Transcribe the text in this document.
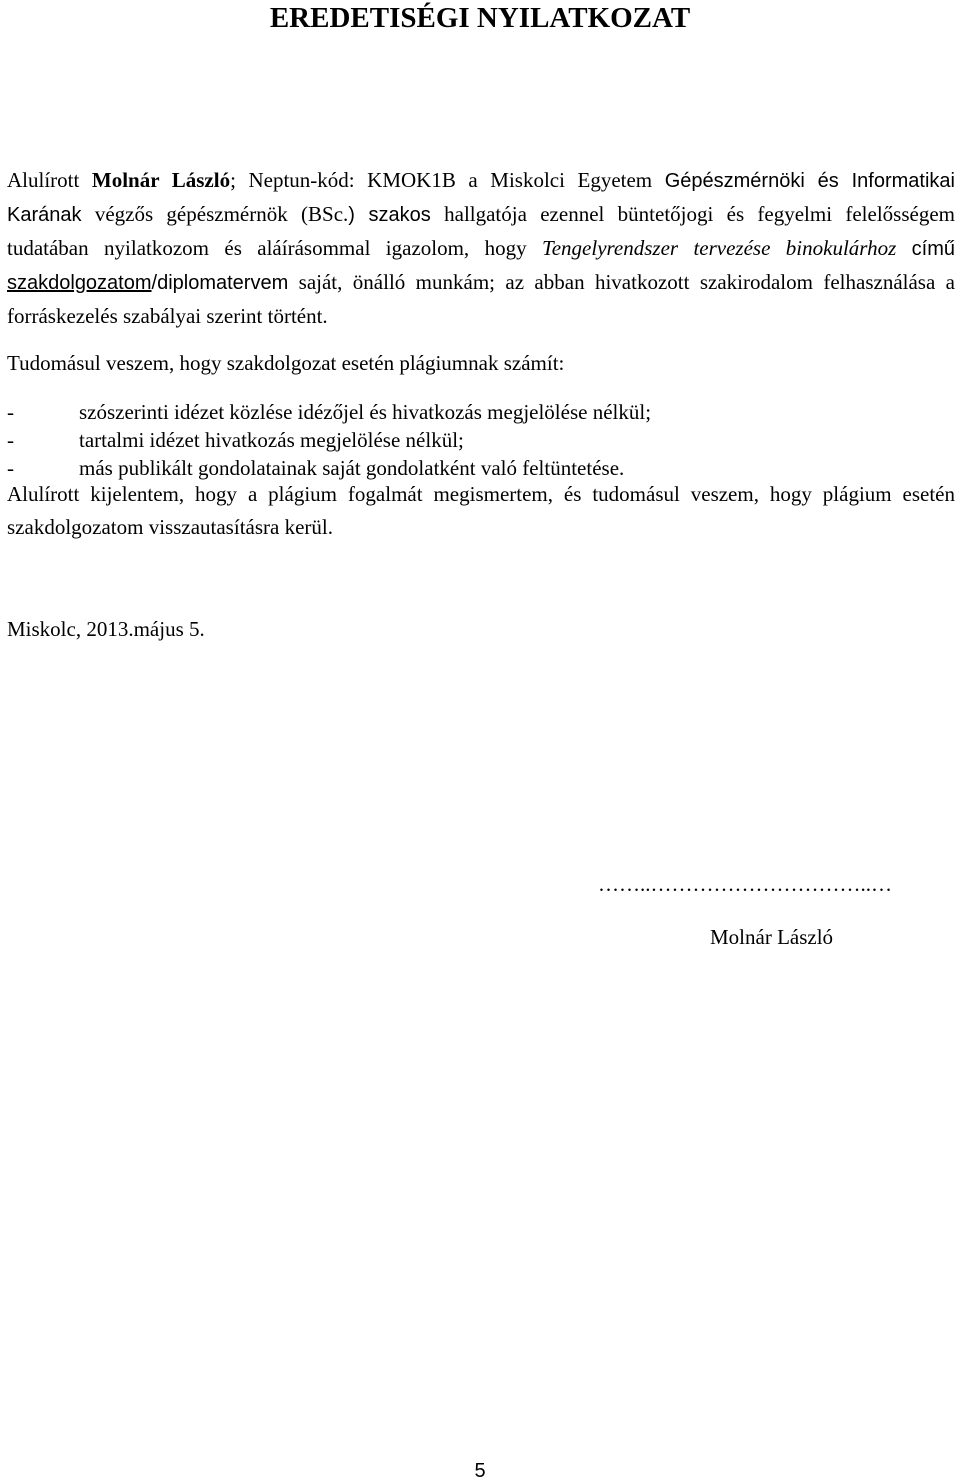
EREDETISÉGI NYILATKOZAT

Alulírott Molnár László; Neptun-kód: KMOK1B a Miskolci Egyetem Gépészmérnöki és Informatikai Karának végzős gépészmérnök (BSc.) szakos hallgatója ezennel büntetőjogi és fegyelmi felelősségem tudatában nyilatkozom és aláírásommal igazolom, hogy Tengelyrendszer tervezése binokulárhoz című szakdolgozatom/diplomatervem saját, önálló munkám; az abban hivatkozott szakirodalom felhasználása a forráskezelés szabályai szerint történt.

Tudomásul veszem, hogy szakdolgozat esetén plágiumnak számít:

-	szószerinti idézet közlése idézőjel és hivatkozás megjelölése nélkül;
-	tartalmi idézet hivatkozás megjelölése nélkül;
-	más publikált gondolatainak saját gondolatként való feltüntetése.

Alulírott kijelentem, hogy a plágium fogalmát megismertem, és tudomásul veszem, hogy plágium esetén szakdolgozatom visszautasításra kerül.

Miskolc, 2013.május 5.

……..…………………………..…

Molnár László

5
